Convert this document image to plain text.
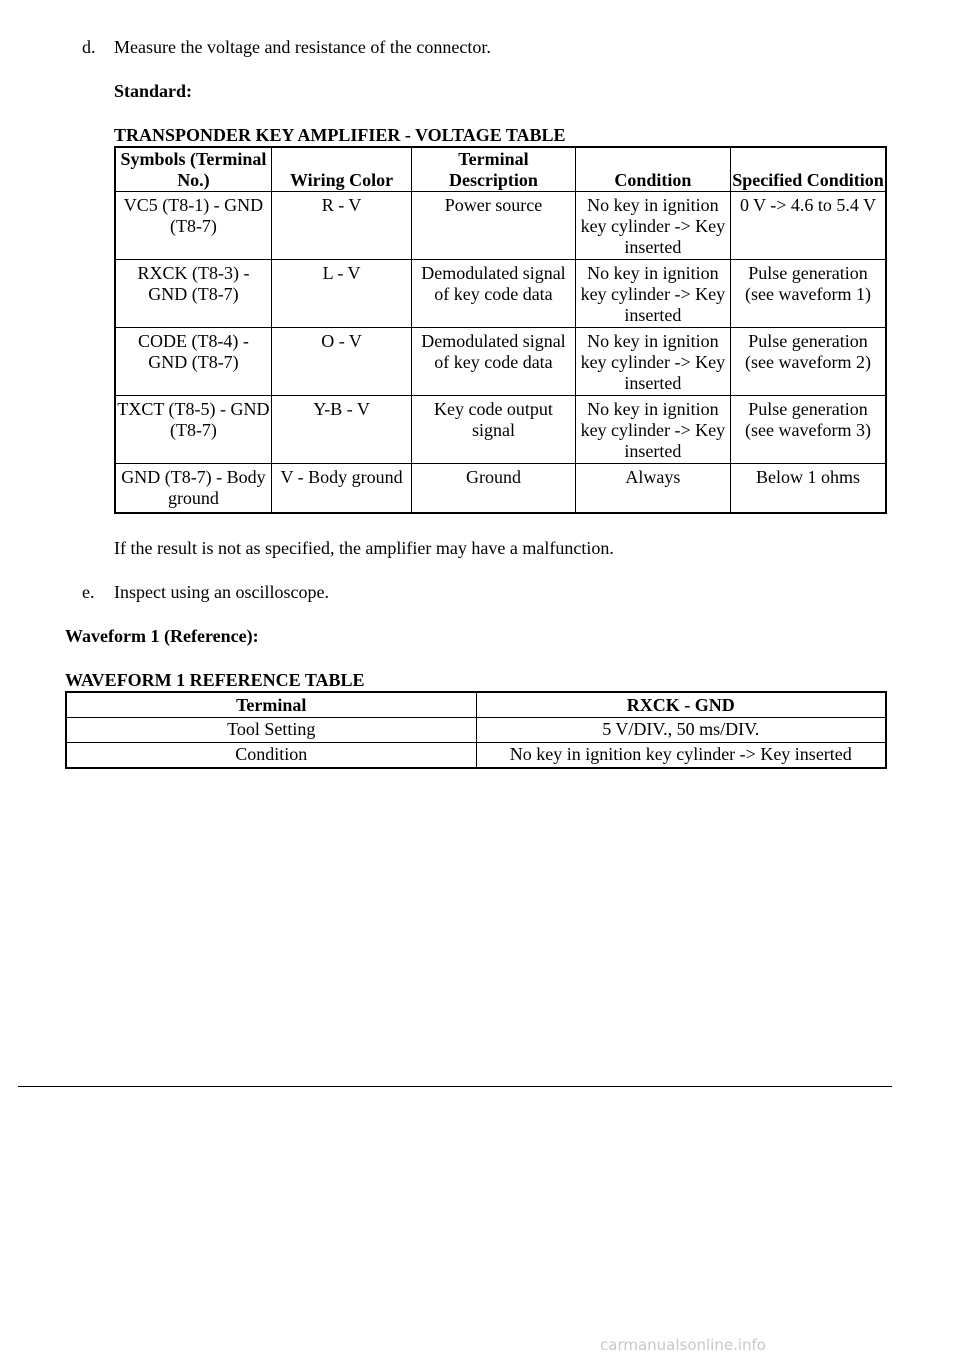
d. Measure the voltage and resistance of the connector.
Standard:
TRANSPONDER KEY AMPLIFIER - VOLTAGE TABLE
Symbols (Terminal No.)	Wiring Color	Terminal Description	Condition	Specified Condition
VC5 (T8-1) - GND (T8-7)	R - V	Power source	No key in ignition key cylinder -> Key inserted	0 V -> 4.6 to 5.4 V
RXCK (T8-3) - GND (T8-7)	L - V	Demodulated signal of key code data	No key in ignition key cylinder -> Key inserted	Pulse generation (see waveform 1)
CODE (T8-4) - GND (T8-7)	O - V	Demodulated signal of key code data	No key in ignition key cylinder -> Key inserted	Pulse generation (see waveform 2)
TXCT (T8-5) - GND (T8-7)	Y-B - V	Key code output signal	No key in ignition key cylinder -> Key inserted	Pulse generation (see waveform 3)
GND (T8-7) - Body ground	V - Body ground	Ground	Always	Below 1 ohms
If the result is not as specified, the amplifier may have a malfunction.
e. Inspect using an oscilloscope.
Waveform 1 (Reference):
WAVEFORM 1 REFERENCE TABLE
Terminal	RXCK - GND
Tool Setting	5 V/DIV., 50 ms/DIV.
Condition	No key in ignition key cylinder -> Key inserted
carmanualsonline.info
